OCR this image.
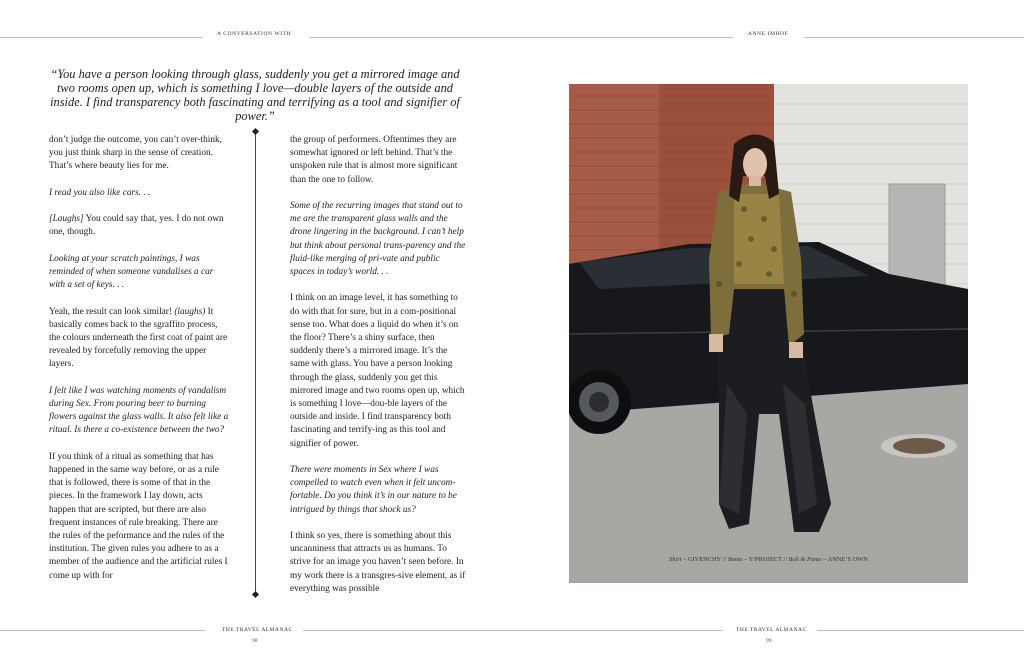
A CONVERSATION WITH	ANNE IMHOF
“You have a person looking through glass, suddenly you get a mirrored image and two rooms open up, which is something I love—double layers of the outside and inside. I find transparency both fascinating and terrifying as a tool and signifier of power.”

don’t judge the outcome, you can’t over-think, you just think sharp in the sense of creation. That’s where beauty lies for me.

I read you also like cars. . .

[Laughs] You could say that, yes. I do not own one, though.

Looking at your scratch paintings, I was reminded of when someone vandalises a car with a set of keys. . .

Yeah, the result can look similar! (laughs) It basically comes back to the sgraffito process, the colours underneath the first coat of paint are revealed by forcefully removing the upper layers.

I felt like I was watching moments of vandalism during Sex. From pouring beer to burning flowers against the glass walls. It also felt like a ritual. Is there a co-existence between the two?

If you think of a ritual as something that has happened in the same way before, or as a rule that is followed, there is some of that in the pieces. In the framework I lay down, acts happen that are scripted, but there are also frequent instances of rule breaking. There are the rules of the peformance and the rules of the institution. The given rules you adhere to as a member of the audience and the artificial rules I come up with for

the group of performers. Oftentimes they are somewhat ignored or left behind. That’s the unspoken rule that is almost more significant than the one to follow.

Some of the recurring images that stand out to me are the transparent glass walls and the drone lingering in the background. I can’t help but think about personal trans-parency and the fluid-like merging of pri-vate and public spaces in today’s world. . .

I think on an image level, it has something to do with that for sure, but in a com-positional sense too. What does a liquid do when it’s on the floor? There’s a shiny surface, then suddenly there’s a mirrored image. It’s the same with glass. You have a person looking through the glass, suddenly you get this mirrored image and two rooms open up, which is something I love—dou-ble layers of the outside and inside. I find transparency both fascinating and terrify-ing as this tool and signifier of power.

There were moments in Sex where I was compelled to watch even when it felt uncom-fortable. Do you think it’s in our nature to be intrigued by things that shock us?

I think so yes, there is something about this uncanniness that attracts us as humans. To strive for an image you haven’t seen before. In my work there is a transgres-sive element, as if everything was possible

Shirt – GIVENCHY // Boots – Y/PROJECT // Belt & Pants – ANNE’S OWN
THE TRAVEL ALMANAC	THE TRAVEL ALMANAC
98	99
